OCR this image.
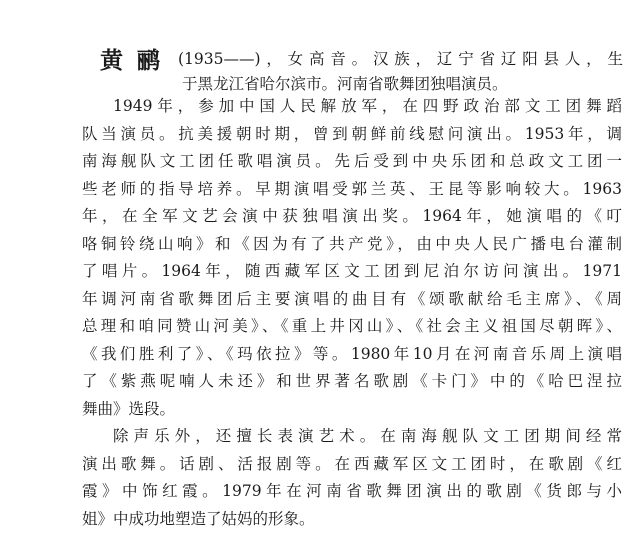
黄鹂 (1935——)，女高音。汉族，辽宁省辽阳县人，生
于黑龙江省哈尔滨市。河南省歌舞团独唱演员。
1949年，参加中国人民解放军，在四野政治部文工团舞蹈
队当演员。抗美援朝时期，曾到朝鲜前线慰问演出。1953年，调
南海舰队文工团任歌唱演员。先后受到中央乐团和总政文工团一
些老师的指导培养。早期演唱受郭兰英、王昆等影响较大。1963
年，在全军文艺会演中获独唱演出奖。1964年，她演唱的《叮
咯铜铃绕山响》和《因为有了共产党》，由中央人民广播电台灌制
了唱片。1964年，随西藏军区文工团到尼泊尔访问演出。1971
年调河南省歌舞团后主要演唱的曲目有《颂歌献给毛主席》、《周
总理和咱同赞山河美》、《重上井冈山》、《社会主义祖国尽朝晖》、
《我们胜利了》、《玛依拉》等。1980年10月在河南音乐周上演唱
了《紫燕呢喃人未还》和世界著名歌剧《卡门》中的《哈巴涅拉
舞曲》选段。
除声乐外，还擅长表演艺术。在南海舰队文工团期间经常
演出歌舞。话剧、活报剧等。在西藏军区文工团时，在歌剧《红
霞》中饰红霞。1979年在河南省歌舞团演出的歌剧《货郎与小
姐》中成功地塑造了姑妈的形象。
